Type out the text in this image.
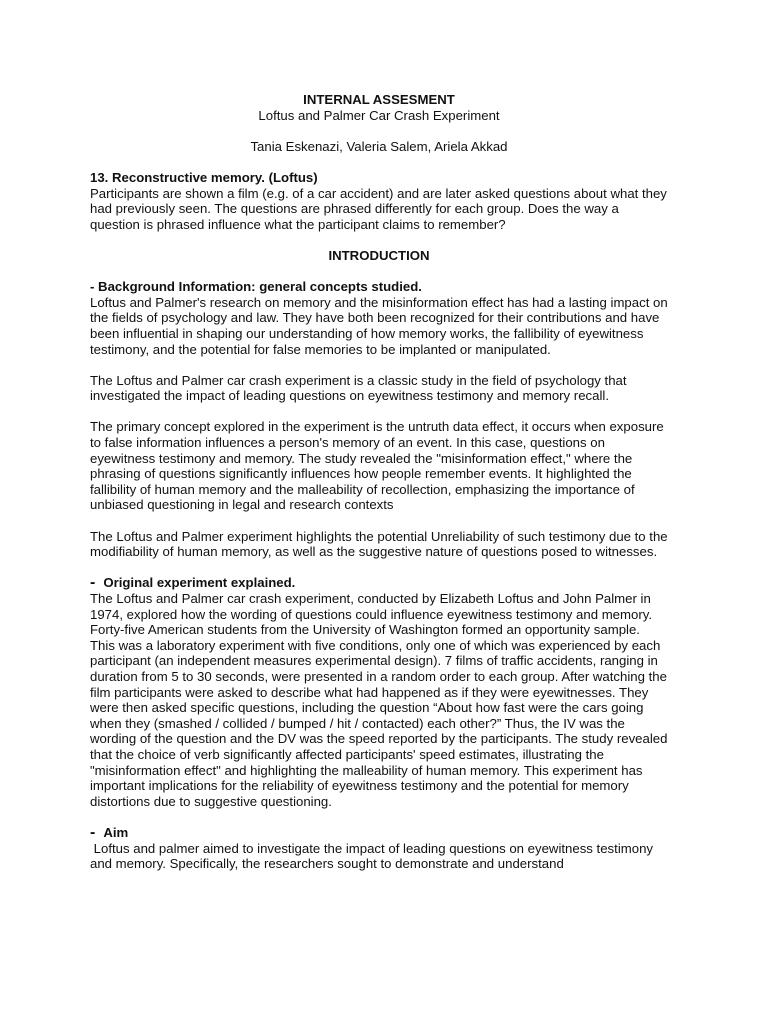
INTERNAL ASSESMENT
Loftus and Palmer Car Crash Experiment
Tania Eskenazi, Valeria Salem, Ariela Akkad
13. Reconstructive memory. (Loftus)

Participants are shown a film (e.g. of a car accident) and are later asked questions about what they had previously seen. The questions are phrased differently for each group. Does the way a question is phrased influence what the participant claims to remember?

INTRODUCTION
- Background Information: general concepts studied.

Loftus and Palmer's research on memory and the misinformation effect has had a lasting impact on the fields of psychology and law. They have both been recognized for their contributions and have been influential in shaping our understanding of how memory works, the fallibility of eyewitness testimony, and the potential for false memories to be implanted or manipulated.

The Loftus and Palmer car crash experiment is a classic study in the field of psychology that investigated the impact of leading questions on eyewitness testimony and memory recall.

The primary concept explored in the experiment is the untruth data effect, it occurs when exposure to false information influences a person's memory of an event. In this case, questions on eyewitness testimony and memory. The study revealed the "misinformation effect," where the phrasing of questions significantly influences how people remember events. It highlighted the fallibility of human memory and the malleability of recollection, emphasizing the importance of unbiased questioning in legal and research contexts

The Loftus and Palmer experiment highlights the potential Unreliability of such testimony due to the modifiability of human memory, as well as the suggestive nature of questions posed to witnesses.

- Original experiment explained.

The Loftus and Palmer car crash experiment, conducted by Elizabeth Loftus and John Palmer in 1974, explored how the wording of questions could influence eyewitness testimony and memory. Forty-five American students from the University of Washington formed an opportunity sample. This was a laboratory experiment with five conditions, only one of which was experienced by each participant (an independent measures experimental design). 7 films of traffic accidents, ranging in duration from 5 to 30 seconds, were presented in a random order to each group. After watching the film participants were asked to describe what had happened as if they were eyewitnesses. They were then asked specific questions, including the question “About how fast were the cars going when they (smashed / collided / bumped / hit / contacted) each other?” Thus, the IV was the wording of the question and the DV was the speed reported by the participants. The study revealed that the choice of verb significantly affected participants' speed estimates, illustrating the "misinformation effect" and highlighting the malleability of human memory. This experiment has important implications for the reliability of eyewitness testimony and the potential for memory distortions due to suggestive questioning.

- Aim

Loftus and palmer aimed to investigate the impact of leading questions on eyewitness testimony and memory. Specifically, the researchers sought to demonstrate and understand
